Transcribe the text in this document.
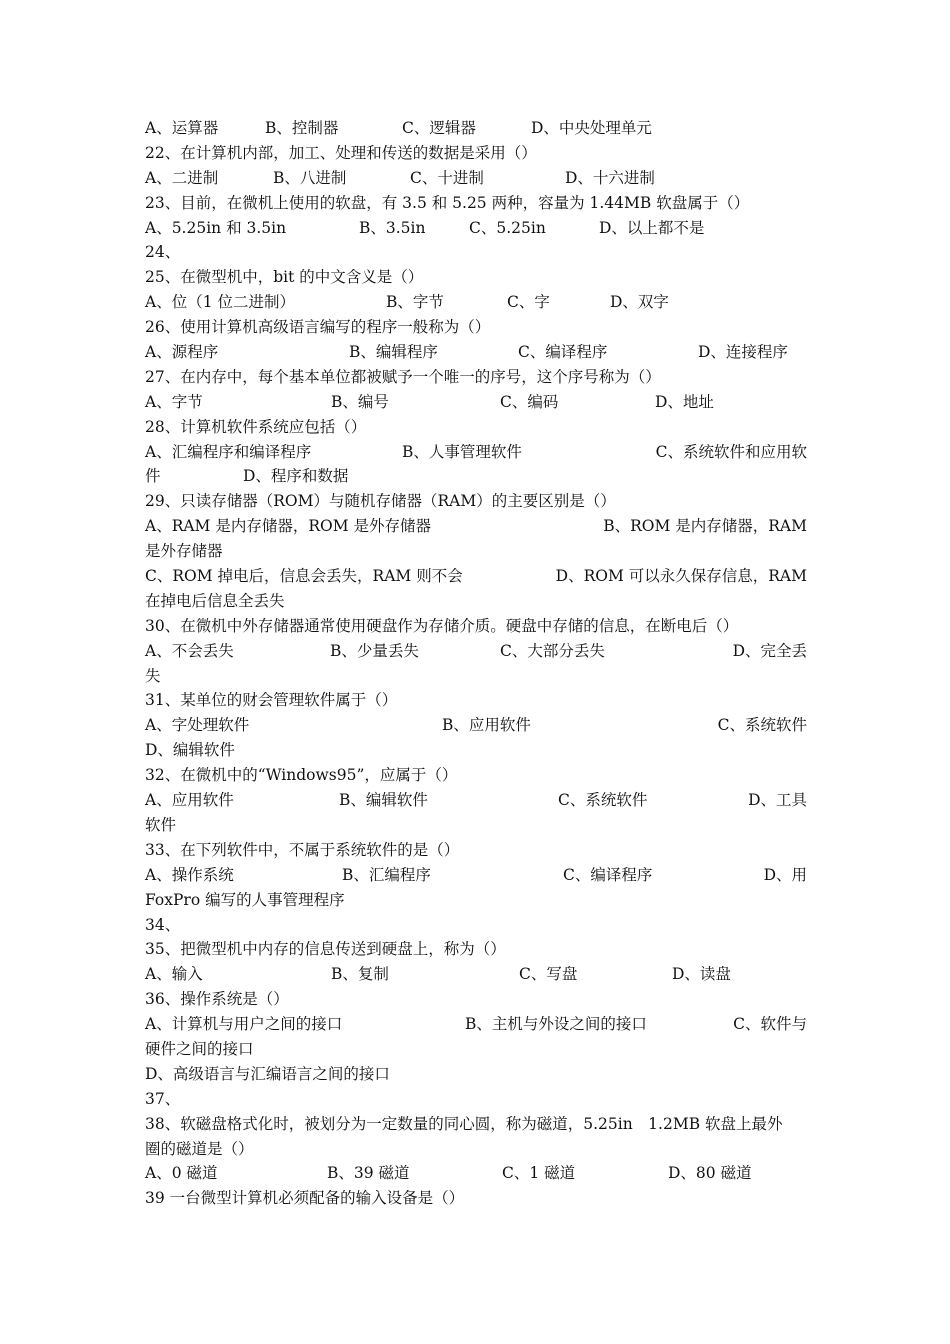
A、运算器	B、控制器	C、逻辑器	D、中央处理单元
22、在计算机内部，加工、处理和传送的数据是采用（）
A、二进制	B、八进制	C、十进制	D、十六进制
23、目前，在微机上使用的软盘，有 3.5 和 5.25 两种，容量为 1.44MB 软盘属于（）
A、5.25in 和 3.5in	B、3.5in	C、5.25in	D、以上都不是
24、
25、在微型机中，bit 的中文含义是（）
A、位（1 位二进制）	B、字节	C、字	D、双字
26、使用计算机高级语言编写的程序一般称为（）
A、源程序	B、编辑程序	C、编译程序	D、连接程序
27、在内存中，每个基本单位都被赋予一个唯一的序号，这个序号称为（）
A、字节	B、编号	C、编码	D、地址
28、计算机软件系统应包括（）
A、汇编程序和编译程序	B、人事管理软件	C、系统软件和应用软
件	D、程序和数据
29、只读存储器（ROM）与随机存储器（RAM）的主要区别是（）
A、RAM 是内存储器，ROM 是外存储器	B、ROM 是内存储器，RAM
是外存储器
C、ROM 掉电后，信息会丢失，RAM 则不会	D、ROM 可以永久保存信息，RAM
在掉电后信息全丢失
30、在微机中外存储器通常使用硬盘作为存储介质。硬盘中存储的信息，在断电后（）
A、不会丢失	B、少量丢失	C、大部分丢失	D、完全丢
失
31、某单位的财会管理软件属于（）
A、字处理软件	B、应用软件	C、系统软件
D、编辑软件
32、在微机中的“Windows95”，应属于（）
A、应用软件	B、编辑软件	C、系统软件	D、工具
软件
33、在下列软件中，不属于系统软件的是（）
A、操作系统	B、汇编程序	C、编译程序	D、用
FoxPro 编写的人事管理程序
34、
35、把微型机中内存的信息传送到硬盘上，称为（）
A、输入	B、复制	C、写盘	D、读盘
36、操作系统是（）
A、计算机与用户之间的接口	B、主机与外设之间的接口	C、软件与
硬件之间的接口
D、高级语言与汇编语言之间的接口
37、
38、软磁盘格式化时，被划分为一定数量的同心圆，称为磁道，5.25in　1.2MB 软盘上最外
圈的磁道是（）
A、0 磁道	B、39 磁道	C、1 磁道	D、80 磁道
39 一台微型计算机必须配备的输入设备是（）
